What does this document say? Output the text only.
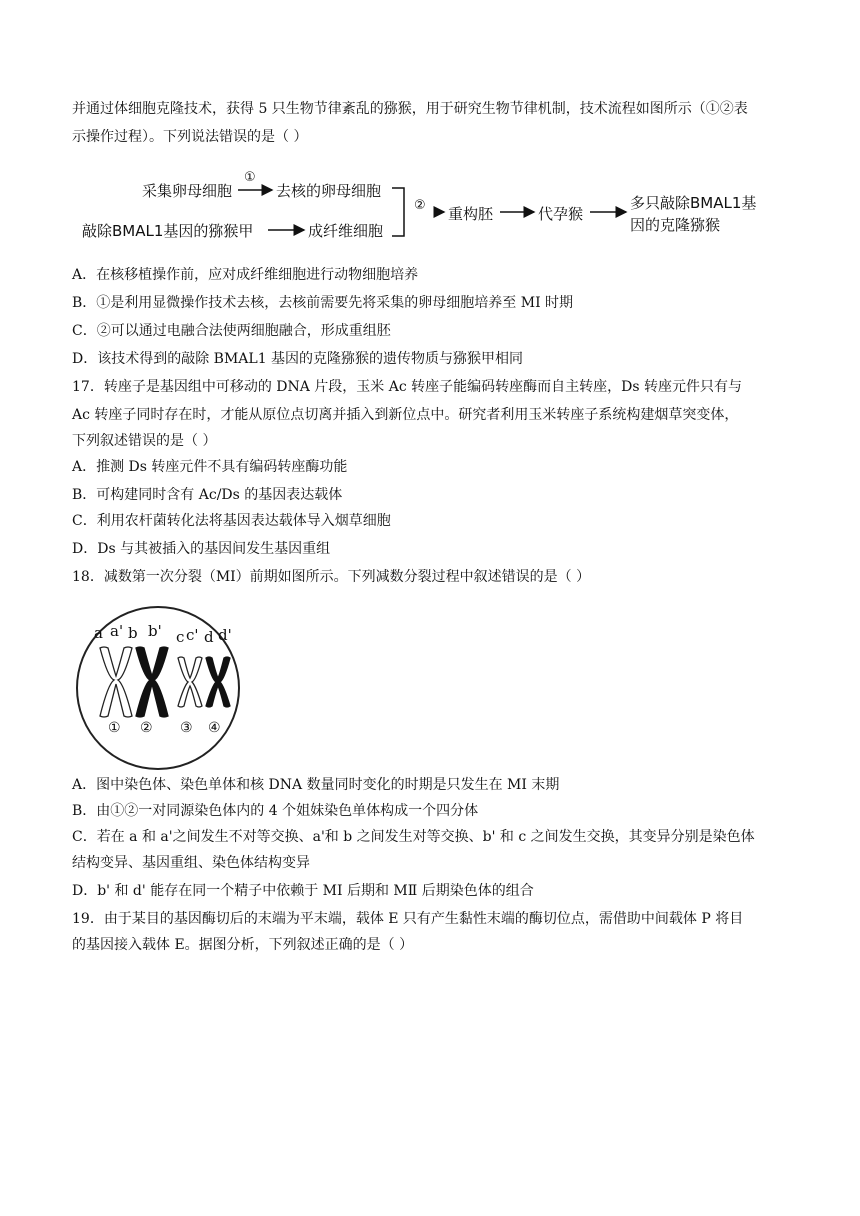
并通过体细胞克隆技术，获得 5 只生物节律紊乱的猕猴，用于研究生物节律机制，技术流程如图所示（①②表
示操作过程）。下列说法错误的是（ ）
采集卵母细胞
①
去核的卵母细胞
敲除BMAL1基因的猕猴甲	成纤维细胞
② 重构胚	代孕猴
多只敲除BMAL1基
因的克隆猕猴
A．在核移植操作前，应对成纤维细胞进行动物细胞培养
B．①是利用显微操作技术去核，去核前需要先将采集的卵母细胞培养至 MI 时期
C．②可以通过电融合法使两细胞融合，形成重组胚
D．该技术得到的敲除 BMAL1 基因的克隆猕猴的遗传物质与猕猴甲相同
17．转座子是基因组中可移动的 DNA 片段，玉米 Ac 转座子能编码转座酶而自主转座，Ds 转座元件只有与
Ac 转座子同时存在时，才能从原位点切离并插入到新位点中。研究者利用玉米转座子系统构建烟草突变体，
下列叙述错误的是（ ）
A．推测 Ds 转座元件不具有编码转座酶功能
B．可构建同时含有 Ac/Ds 的基因表达载体
C．利用农杆菌转化法将基因表达载体导入烟草细胞
D．Ds 与其被插入的基因间发生基因重组
18．减数第一次分裂（MI）前期如图所示。下列减数分裂过程中叙述错误的是（ ）
a a' b b' c c' d d'
① ② ③ ④
A．图中染色体、染色单体和核 DNA 数量同时变化的时期是只发生在 MI 末期
B．由①②一对同源染色体内的 4 个姐妹染色单体构成一个四分体
C．若在 a 和 a'之间发生不对等交换、a'和 b 之间发生对等交换、b' 和 c 之间发生交换，其变异分别是染色体
结构变异、基因重组、染色体结构变异
D．b' 和 d' 能存在同一个精子中依赖于 MI 后期和 MⅡ 后期染色体的组合
19．由于某目的基因酶切后的末端为平末端，载体 E 只有产生黏性末端的酶切位点，需借助中间载体 P 将目
的基因接入载体 E。据图分析，下列叙述正确的是（ ）
